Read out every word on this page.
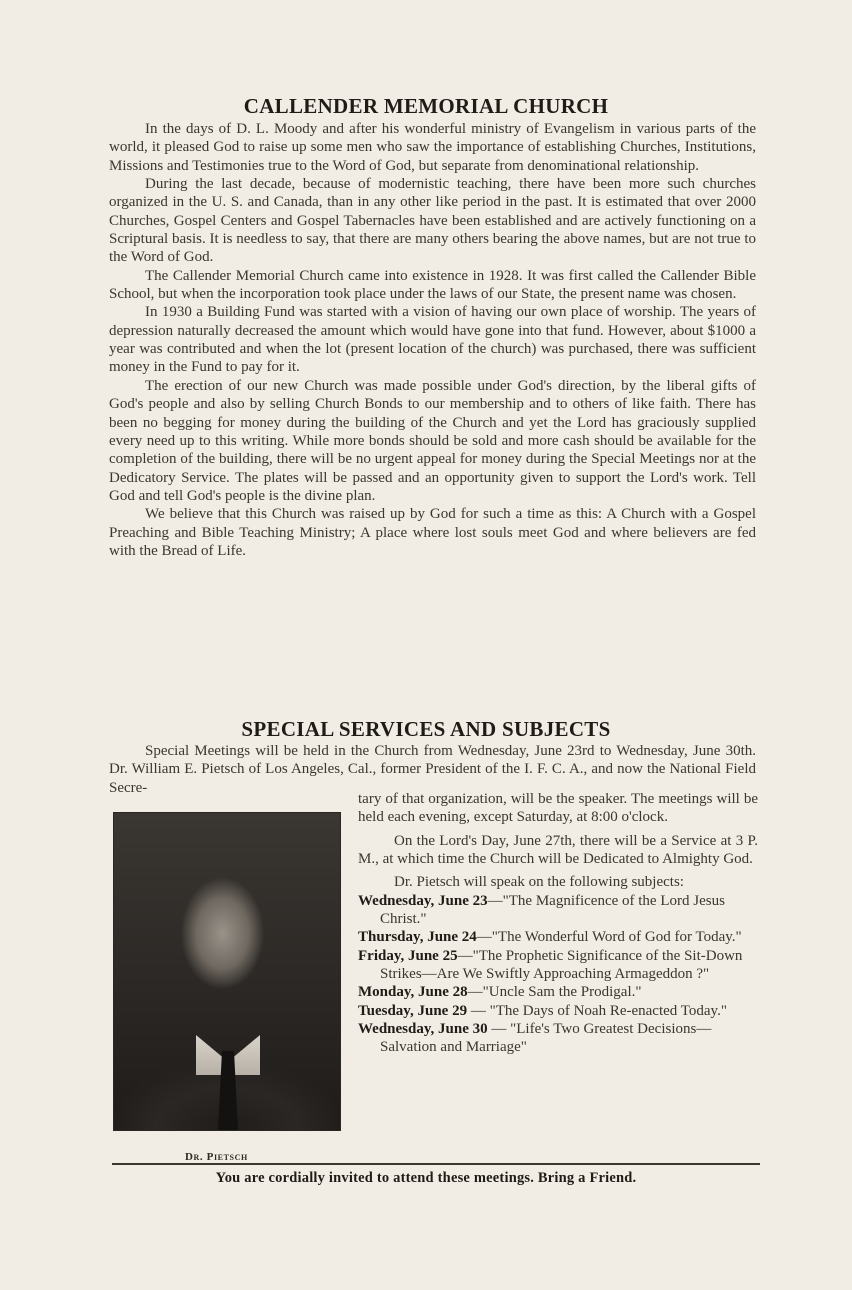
CALLENDER MEMORIAL CHURCH

In the days of D. L. Moody and after his wonderful ministry of Evangelism in various parts of the world, it pleased God to raise up some men who saw the importance of establishing Churches, Institutions, Missions and Testimonies true to the Word of God, but separate from denominational relationship.

During the last decade, because of modernistic teaching, there have been more such churches organized in the U. S. and Canada, than in any other like period in the past. It is estimated that over 2000 Churches, Gospel Centers and Gospel Tabernacles have been established and are actively functioning on a Scriptural basis. It is needless to say, that there are many others bearing the above names, but are not true to the Word of God.

The Callender Memorial Church came into existence in 1928. It was first called the Callender Bible School, but when the incorporation took place under the laws of our State, the present name was chosen.

In 1930 a Building Fund was started with a vision of having our own place of worship. The years of depression naturally decreased the amount which would have gone into that fund. However, about $1000 a year was contributed and when the lot (present location of the church) was purchased, there was sufficient money in the Fund to pay for it.

The erection of our new Church was made possible under God's direction, by the liberal gifts of God's people and also by selling Church Bonds to our membership and to others of like faith. There has been no begging for money during the building of the Church and yet the Lord has graciously supplied every need up to this writing. While more bonds should be sold and more cash should be available for the completion of the building, there will be no urgent appeal for money during the Special Meetings nor at the Dedicatory Service. The plates will be passed and an opportunity given to support the Lord's work. Tell God and tell God's people is the divine plan.

We believe that this Church was raised up by God for such a time as this: A Church with a Gospel Preaching and Bible Teaching Ministry; A place where lost souls meet God and where believers are fed with the Bread of Life.

SPECIAL SERVICES AND SUBJECTS

Special Meetings will be held in the Church from Wednesday, June 23rd to Wednesday, June 30th. Dr. William E. Pietsch of Los Angeles, Cal., former President of the I. F. C. A., and now the National Field Secre-

Dr. Pietsch

tary of that organization, will be the speaker. The meetings will be held each evening, except Saturday, at 8:00 o'clock.

On the Lord's Day, June 27th, there will be a Service at 3 P. M., at which time the Church will be Dedicated to Almighty God.

Dr. Pietsch will speak on the following subjects:

Wednesday, June 23—"The Magnificence of the Lord Jesus Christ."

Thursday, June 24—"The Wonderful Word of God for Today."

Friday, June 25—"The Prophetic Significance of the Sit-Down Strikes—Are We Swiftly Approaching Armageddon ?"

Monday, June 28—"Uncle Sam the Prodigal."

Tuesday, June 29 — "The Days of Noah Re-enacted Today."

Wednesday, June 30 — "Life's Two Greatest Decisions—Salvation and Marriage"

You are cordially invited to attend these meetings. Bring a Friend.
